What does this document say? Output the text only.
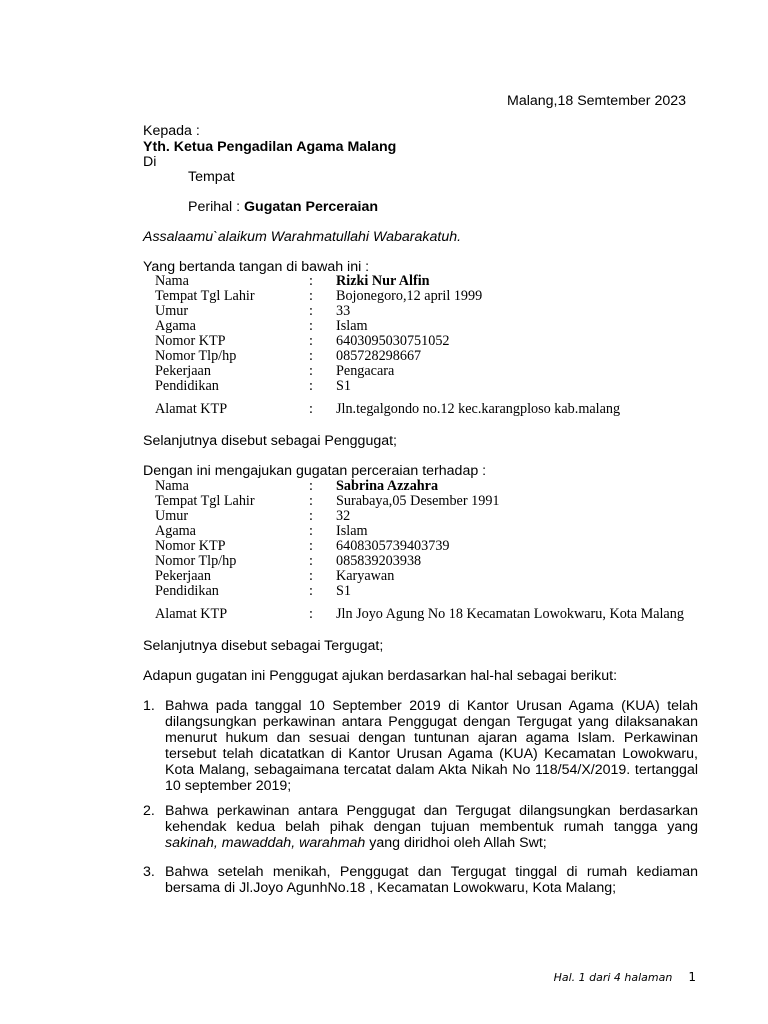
Malang,18 Semtember 2023
Kepada :
Yth. Ketua Pengadilan Agama Malang
Di
Tempat
Perihal : Gugatan Perceraian
Assalaamu`alaikum Warahmatullahi Wabarakatuh.
Yang bertanda tangan di bawah ini :
Nama	: Rizki Nur Alfin
Tempat Tgl Lahir	: Bojonegoro,12 april 1999
Umur	: 33
Agama	: Islam
Nomor KTP	: 6403095030751052
Nomor Tlp/hp	: 085728298667
Pekerjaan	: Pengacara
Pendidikan	: S1
Alamat KTP	: Jln.tegalgondo no.12 kec.karangploso kab.malang
Selanjutnya disebut sebagai Penggugat;
Dengan ini mengajukan gugatan perceraian terhadap :
Nama	: Sabrina Azzahra
Tempat Tgl Lahir	: Surabaya,05 Desember 1991
Umur	: 32
Agama	: Islam
Nomor KTP	: 6408305739403739
Nomor Tlp/hp	: 085839203938
Pekerjaan	: Karyawan
Pendidikan	: S1
Alamat KTP	: Jln Joyo Agung No 18 Kecamatan Lowokwaru, Kota Malang
Selanjutnya disebut sebagai Tergugat;
Adapun gugatan ini Penggugat ajukan berdasarkan hal-hal sebagai berikut:
1. Bahwa pada tanggal 10 September 2019 di Kantor Urusan Agama (KUA) telah dilangsungkan perkawinan antara Penggugat dengan Tergugat yang dilaksanakan menurut hukum dan sesuai dengan tuntunan ajaran agama Islam. Perkawinan tersebut telah dicatatkan di Kantor Urusan Agama (KUA) Kecamatan Lowokwaru, Kota Malang, sebagaimana tercatat dalam Akta Nikah No 118/54/X/2019. tertanggal 10 september 2019;
2. Bahwa perkawinan antara Penggugat dan Tergugat dilangsungkan berdasarkan kehendak kedua belah pihak dengan tujuan membentuk rumah tangga yang sakinah, mawaddah, warahmah yang diridhoi oleh Allah Swt;
3. Bahwa setelah menikah, Penggugat dan Tergugat tinggal di rumah kediaman bersama di Jl.Joyo AgunhNo.18 , Kecamatan Lowokwaru, Kota Malang;
Hal. 1 dari 4 halaman 1
